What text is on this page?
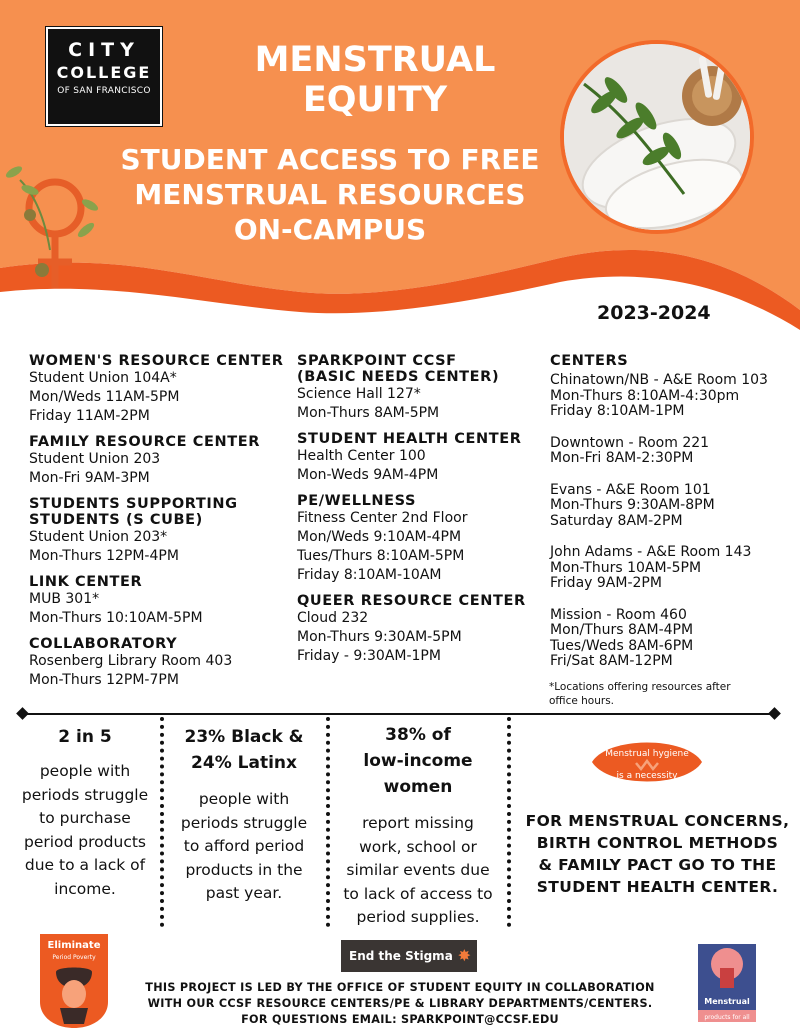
CITY
COLLEGE
OF SAN FRANCISCO
MENSTRUAL EQUITY
STUDENT ACCESS TO FREE
MENSTRUAL RESOURCES
ON-CAMPUS
2023-2024
WOMEN'S RESOURCE CENTER
Student Union 104A*
Mon/Weds 11AM-5PM
Friday 11AM-2PM
FAMILY RESOURCE CENTER
Student Union 203
Mon-Fri 9AM-3PM
STUDENTS SUPPORTING
STUDENTS (S CUBE)
Student Union 203*
Mon-Thurs 12PM-4PM
LINK CENTER
MUB 301*
Mon-Thurs 10:10AM-5PM
COLLABORATORY
Rosenberg Library Room 403
Mon-Thurs 12PM-7PM
SPARKPOINT CCSF
(BASIC NEEDS CENTER)
Science Hall 127*
Mon-Thurs 8AM-5PM
STUDENT HEALTH CENTER
Health Center 100
Mon-Weds 9AM-4PM
PE/WELLNESS
Fitness Center 2nd Floor
Mon/Weds 9:10AM-4PM
Tues/Thurs 8:10AM-5PM
Friday 8:10AM-10AM
QUEER RESOURCE CENTER
Cloud 232
Mon-Thurs 9:30AM-5PM
Friday - 9:30AM-1PM
CENTERS
Chinatown/NB - A&E Room 103
Mon-Thurs 8:10AM-4:30pm
Friday 8:10AM-1PM
Downtown - Room 221
Mon-Fri 8AM-2:30PM
Evans - A&E Room 101
Mon-Thurs 9:30AM-8PM
Saturday 8AM-2PM
John Adams - A&E Room 143
Mon-Thurs 10AM-5PM
Friday 9AM-2PM
Mission - Room 460
Mon/Thurs 8AM-4PM
Tues/Weds 8AM-6PM
Fri/Sat 8AM-12PM
*Locations offering resources after
office hours.
2 in 5
people with
periods struggle
to purchase
period products
due to a lack of
income.
23% Black &
24% Latinx
people with
periods struggle
to afford period
products in the
past year.
38% of
low-income
women
report missing
work, school or
similar events due
to lack of access to
period supplies.
Menstrual hygiene
is a necessity
FOR MENSTRUAL CONCERNS,
BIRTH CONTROL METHODS
& FAMILY PACT GO TO THE
STUDENT HEALTH CENTER.
Eliminate
Period Poverty	End the Stigma ✸
THIS PROJECT IS LED BY THE OFFICE OF STUDENT EQUITY IN COLLABORATION
WITH OUR CCSF RESOURCE CENTERS/PE & LIBRARY DEPARTMENTS/CENTERS.
FOR QUESTIONS EMAIL: SPARKPOINT@CCSF.EDU
Menstrual
products for all
